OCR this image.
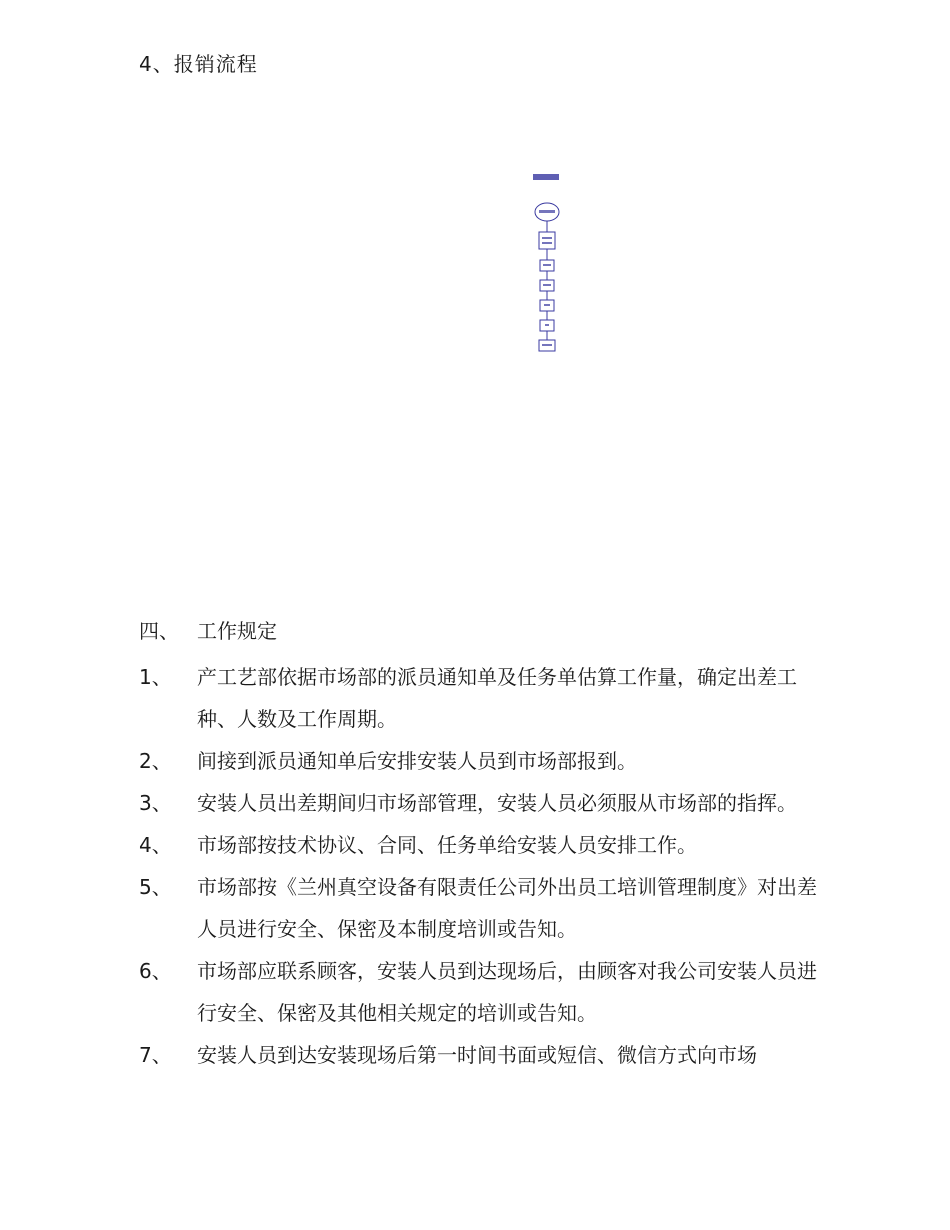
4、报销流程
四、 工作规定
1、	产工艺部依据市场部的派员通知单及任务单估算工作量，确定出差工种、人数及工作周期。
2、	间接到派员通知单后安排安装人员到市场部报到。
3、	安装人员出差期间归市场部管理，安装人员必须服从市场部的指挥。
4、	市场部按技术协议、合同、任务单给安装人员安排工作。
5、	市场部按《兰州真空设备有限责任公司外出员工培训管理制度》对出差人员进行安全、保密及本制度培训或告知。
6、	市场部应联系顾客，安装人员到达现场后，由顾客对我公司安装人员进行安全、保密及其他相关规定的培训或告知。
7、	安装人员到达安装现场后第一时间书面或短信、微信方式向市场
